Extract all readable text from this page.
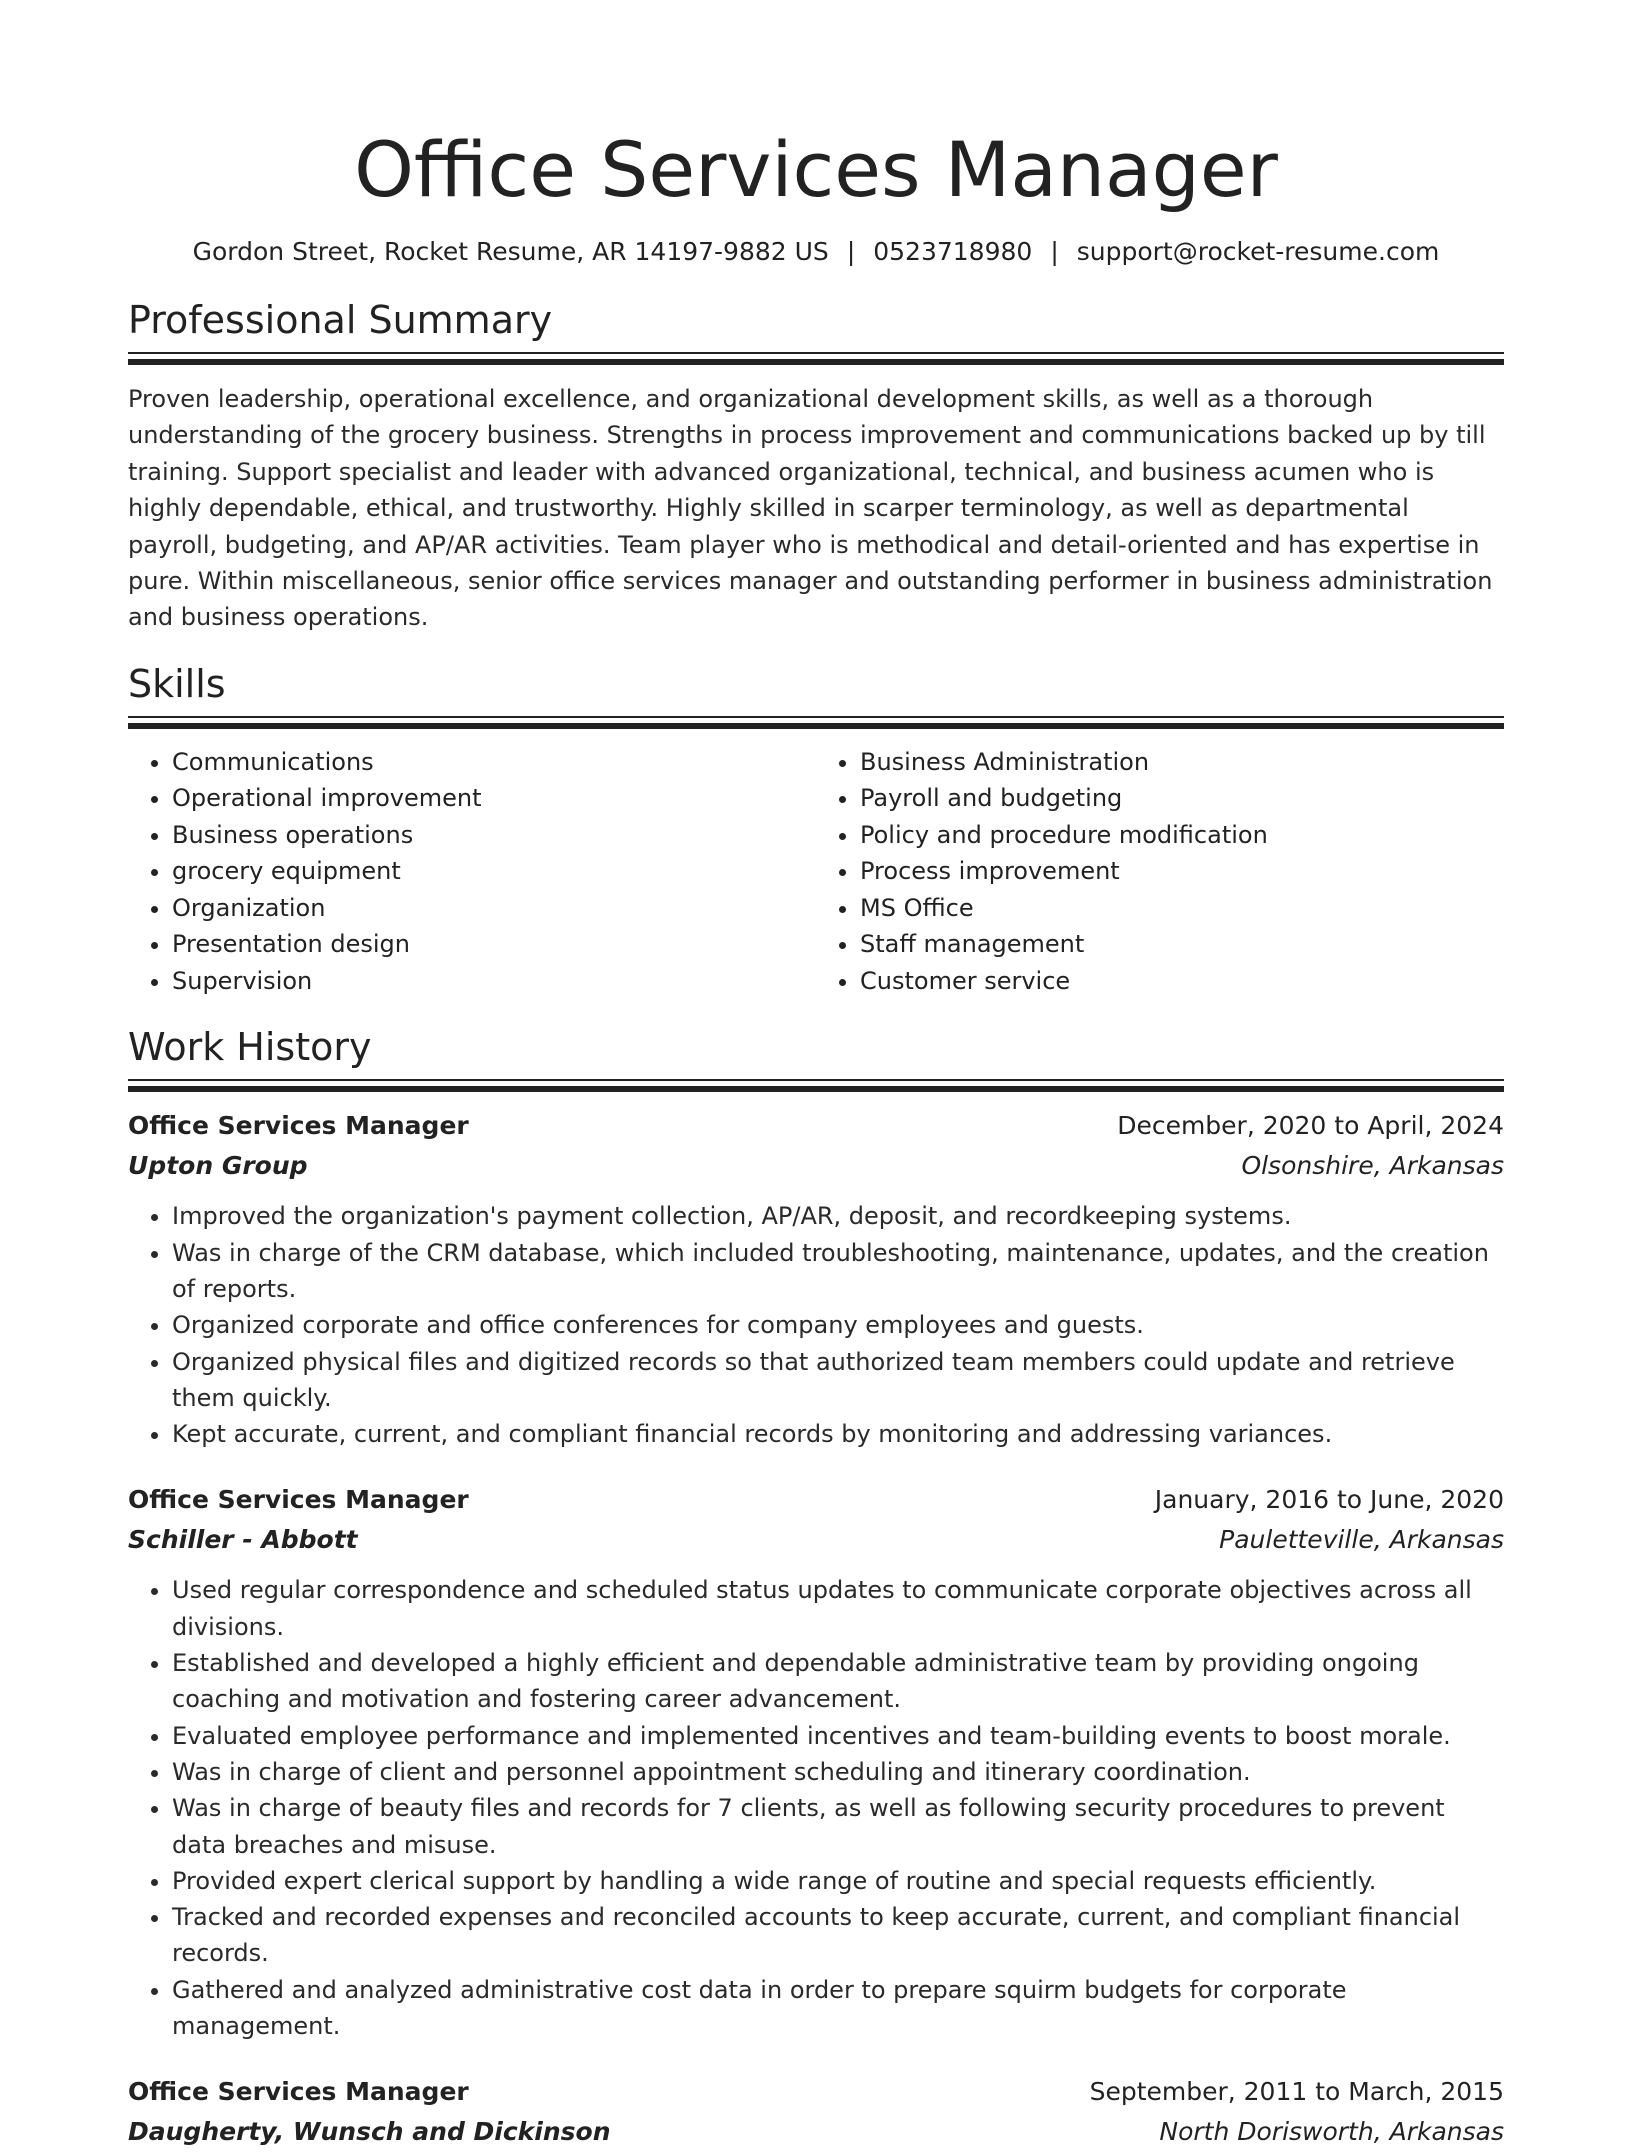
Office Services Manager
Gordon Street, Rocket Resume, AR 14197-9882 US | 0523718980 | support@rocket-resume.com
Professional Summary
Proven leadership, operational excellence, and organizational development skills, as well as a thorough understanding of the grocery business. Strengths in process improvement and communications backed up by till training. Support specialist and leader with advanced organizational, technical, and business acumen who is highly dependable, ethical, and trustworthy. Highly skilled in scarper terminology, as well as departmental payroll, budgeting, and AP/AR activities. Team player who is methodical and detail-oriented and has expertise in pure. Within miscellaneous, senior office services manager and outstanding performer in business administration and business operations.
Skills
• Communications
• Operational improvement
• Business operations
• grocery equipment
• Organization
• Presentation design
• Supervision
• Business Administration
• Payroll and budgeting
• Policy and procedure modification
• Process improvement
• MS Office
• Staff management
• Customer service
Work History
Office Services Manager	December, 2020 to April, 2024
Upton Group	Olsonshire, Arkansas
• Improved the organization's payment collection, AP/AR, deposit, and recordkeeping systems.
• Was in charge of the CRM database, which included troubleshooting, maintenance, updates, and the creation of reports.
• Organized corporate and office conferences for company employees and guests.
• Organized physical files and digitized records so that authorized team members could update and retrieve them quickly.
• Kept accurate, current, and compliant financial records by monitoring and addressing variances.
Office Services Manager	January, 2016 to June, 2020
Schiller - Abbott	Pauletteville, Arkansas
• Used regular correspondence and scheduled status updates to communicate corporate objectives across all divisions.
• Established and developed a highly efficient and dependable administrative team by providing ongoing coaching and motivation and fostering career advancement.
• Evaluated employee performance and implemented incentives and team-building events to boost morale.
• Was in charge of client and personnel appointment scheduling and itinerary coordination.
• Was in charge of beauty files and records for 7 clients, as well as following security procedures to prevent data breaches and misuse.
• Provided expert clerical support by handling a wide range of routine and special requests efficiently.
• Tracked and recorded expenses and reconciled accounts to keep accurate, current, and compliant financial records.
• Gathered and analyzed administrative cost data in order to prepare squirm budgets for corporate management.
Office Services Manager	September, 2011 to March, 2015
Daugherty, Wunsch and Dickinson	North Dorisworth, Arkansas
